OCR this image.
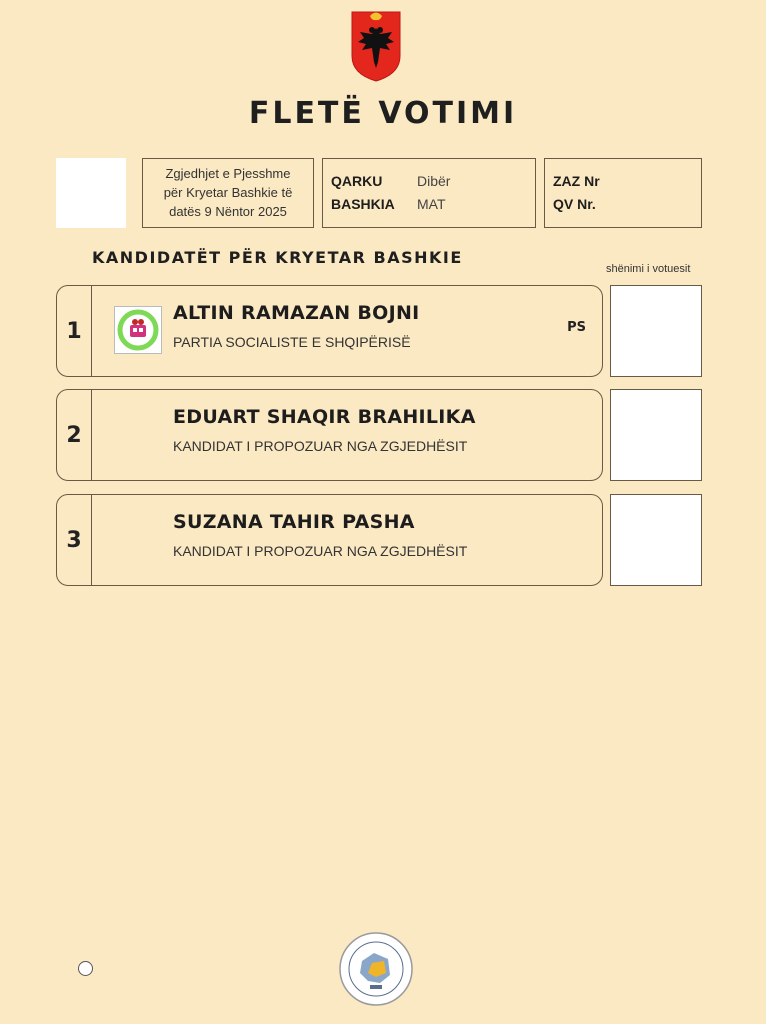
FLETË VOTIMI
Zgjedhjet e Pjesshme
për Kryetar Bashkie të
datës 9 Nëntor 2025
QARKU Dibër
BASHKIA MAT
ZAZ Nr
QV Nr.
KANDIDATËT PËR KRYETAR BASHKIE
shënimi i votuesit
1
ALTIN RAMAZAN BOJNI
PARTIA SOCIALISTE E SHQIPËRISË
PS
2
EDUART SHAQIR BRAHILIKA
KANDIDAT I PROPOZUAR NGA ZGJEDHËSIT
3
SUZANA TAHIR PASHA
KANDIDAT I PROPOZUAR NGA ZGJEDHËSIT
